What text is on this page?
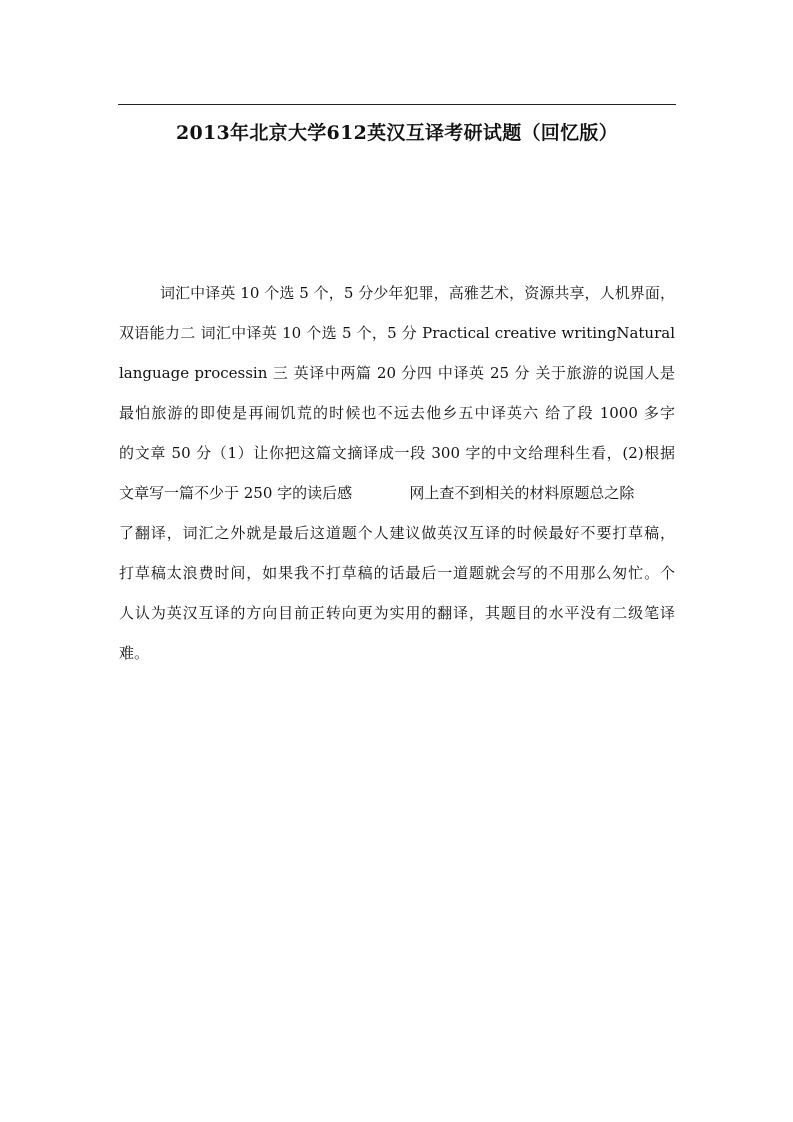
2013年北京大学612英汉互译考研试题（回忆版）
词汇中译英 10 个选 5 个，5 分少年犯罪，高雅艺术，资源共享，人机界面，
双语能力二 词汇中译英 10 个选 5 个，5 分 Practical creative writingNatural
language processin 三 英译中两篇 20 分四 中译英 25 分 关于旅游的说国人是
最怕旅游的即使是再闹饥荒的时候也不远去他乡五中译英六 给了段 1000 多字
的文章 50 分（1）让你把这篇文摘译成一段 300 字的中文给理科生看，(2)根据
文章写一篇不少于 250 字的读后感            网上查不到相关的材料原题总之除
了翻译，词汇之外就是最后这道题个人建议做英汉互译的时候最好不要打草稿，
打草稿太浪费时间，如果我不打草稿的话最后一道题就会写的不用那么匆忙。个
人认为英汉互译的方向目前正转向更为实用的翻译，其题目的水平没有二级笔译
难。
